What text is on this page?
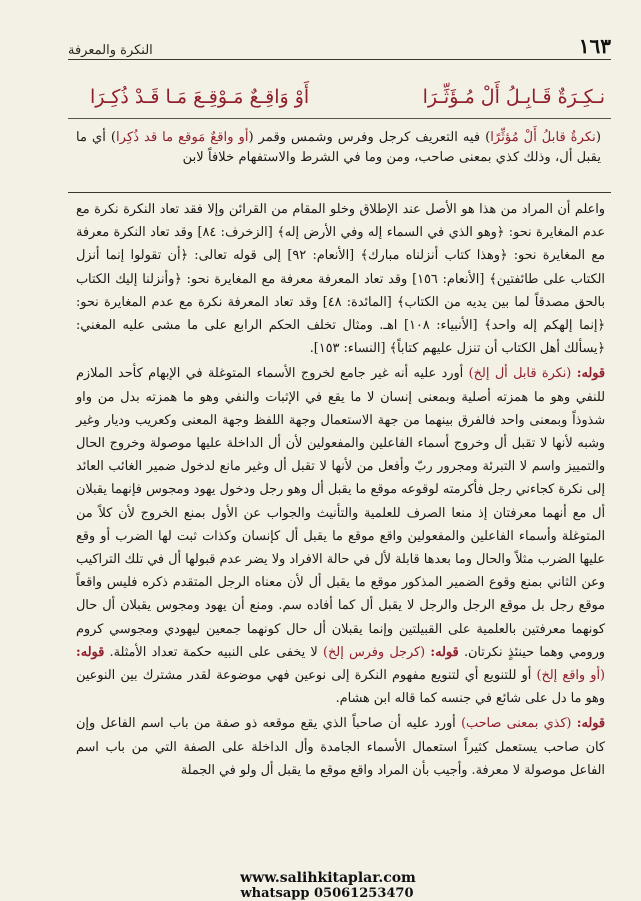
١٦٣
النكرة والمعرفة
نـكِـرَةٌ قَـابِـلُ أَلْ مُـؤَثِّـرَا
أَوْ وَاقِـعٌ مَـوْقِـعَ مَـا قَـدْ ذُكِـرَا
(نكرةٌ قابلُ أَلْ مُؤثِّرًا) فيه التعريف كرجل وفرس وشمس وقمر (أو واقعٌ مَوقع ما قد ذُكِرا) أي ما يقبل أل، وذلك كذي بمعنى صاحب، ومن وما في الشرط والاستفهام خلافاً لابن

واعلم أن المراد من هذا هو الأصل عند الإطلاق وخلو المقام من القرائن وإلا فقد تعاد النكرة نكرة مع عدم المغايرة نحو: ﴿وهو الذي في السماء إله وفي الأرض إله﴾ [الزخرف: ٨٤] وقد تعاد النكرة معرفة مع المغايرة نحو: ﴿وهذا كتاب أنزلناه مبارك﴾ [الأنعام: ٩٢] إلى قوله تعالى: ﴿أن تقولوا إنما أنزل الكتاب على طائفتين﴾ [الأنعام: ١٥٦] وقد تعاد المعرفة معرفة مع المغايرة نحو: ﴿وأنزلنا إليك الكتاب بالحق مصدقاً لما بين يديه من الكتاب﴾ [المائدة: ٤٨] وقد تعاد المعرفة نكرة مع عدم المغايرة نحو: ﴿إنما إلهكم إله واحد﴾ [الأنبياء: ١٠٨] اهـ. ومثال تخلف الحكم الرابع على ما مشى عليه المغني: ﴿يسألك أهل الكتاب أن تنزل عليهم كتاباً﴾ [النساء: ١٥٣].

قوله: (نكرة قابل أل إلخ) أورد عليه أنه غير جامع لخروج الأسماء المتوغلة في الإبهام كأحد الملازم للنفي وهو ما همزته أصلية وبمعنى إنسان لا ما يقع في الإثبات والنفي وهو ما همزته بدل من واو شذوذاً وبمعنى واحد فالفرق بينهما من جهة الاستعمال وجهة اللفظ وجهة المعنى وكعريب وديار وغير وشبه لأنها لا تقبل أل وخروج أسماء الفاعلين والمفعولين لأن أل الداخلة عليها موصولة وخروج الحال والتمييز واسم لا التبرئة ومجرور ربّ وأفعل من لأنها لا تقبل أل وغير مانع لدخول ضمير الغائب العائد إلى نكرة كجاءني رجل فأكرمته لوقوعه موقع ما يقبل أل وهو رجل ودخول يهود ومجوس فإنهما يقبلان أل مع أنهما معرفتان إذ منعا الصرف للعلمية والتأنيث والجواب عن الأول بمنع الخروج لأن كلاً من المتوغلة وأسماء الفاعلين والمفعولين واقع موقع ما يقبل أل كإنسان وكذات ثبت لها الضرب أو وقع عليها الضرب مثلاً والحال وما بعدها قابلة لأل في حالة الافراد ولا يضر عدم قبولها أل في تلك التراكيب وعن الثاني بمنع وقوع الضمير المذكور موقع ما يقبل أل لأن معناه الرجل المتقدم ذكره فليس واقعاً موقع رجل بل موقع الرجل والرجل لا يقبل أل كما أفاده سم. ومنع أن يهود ومجوس يقبلان أل حال كونهما معرفتين بالعلمية على القبيلتين وإنما يقبلان أل حال كونهما جمعين ليهودي ومجوسي كروم ورومي وهما حينئذٍ نكرتان. قوله: (كرجل وفرس إلخ) لا يخفى على النبيه حكمة تعداد الأمثلة. قوله: (أو واقع إلخ) أو للتنويع أي لتنويع مفهوم النكرة إلى نوعين فهي موضوعة لقدر مشترك بين النوعين وهو ما دل على شائع في جنسه كما قاله ابن هشام.

قوله: (كذي بمعنى صاحب) أورد عليه أن صاحباً الذي يقع موقعه ذو صفة من باب اسم الفاعل وإن كان صاحب يستعمل كثيراً استعمال الأسماء الجامدة وأل الداخلة على الصفة التي من باب اسم الفاعل موصولة لا معرفة. وأجيب بأن المراد واقع موقع ما يقبل أل ولو في الجملة

www.salihkitaplar.com
whatsapp 05061253470
